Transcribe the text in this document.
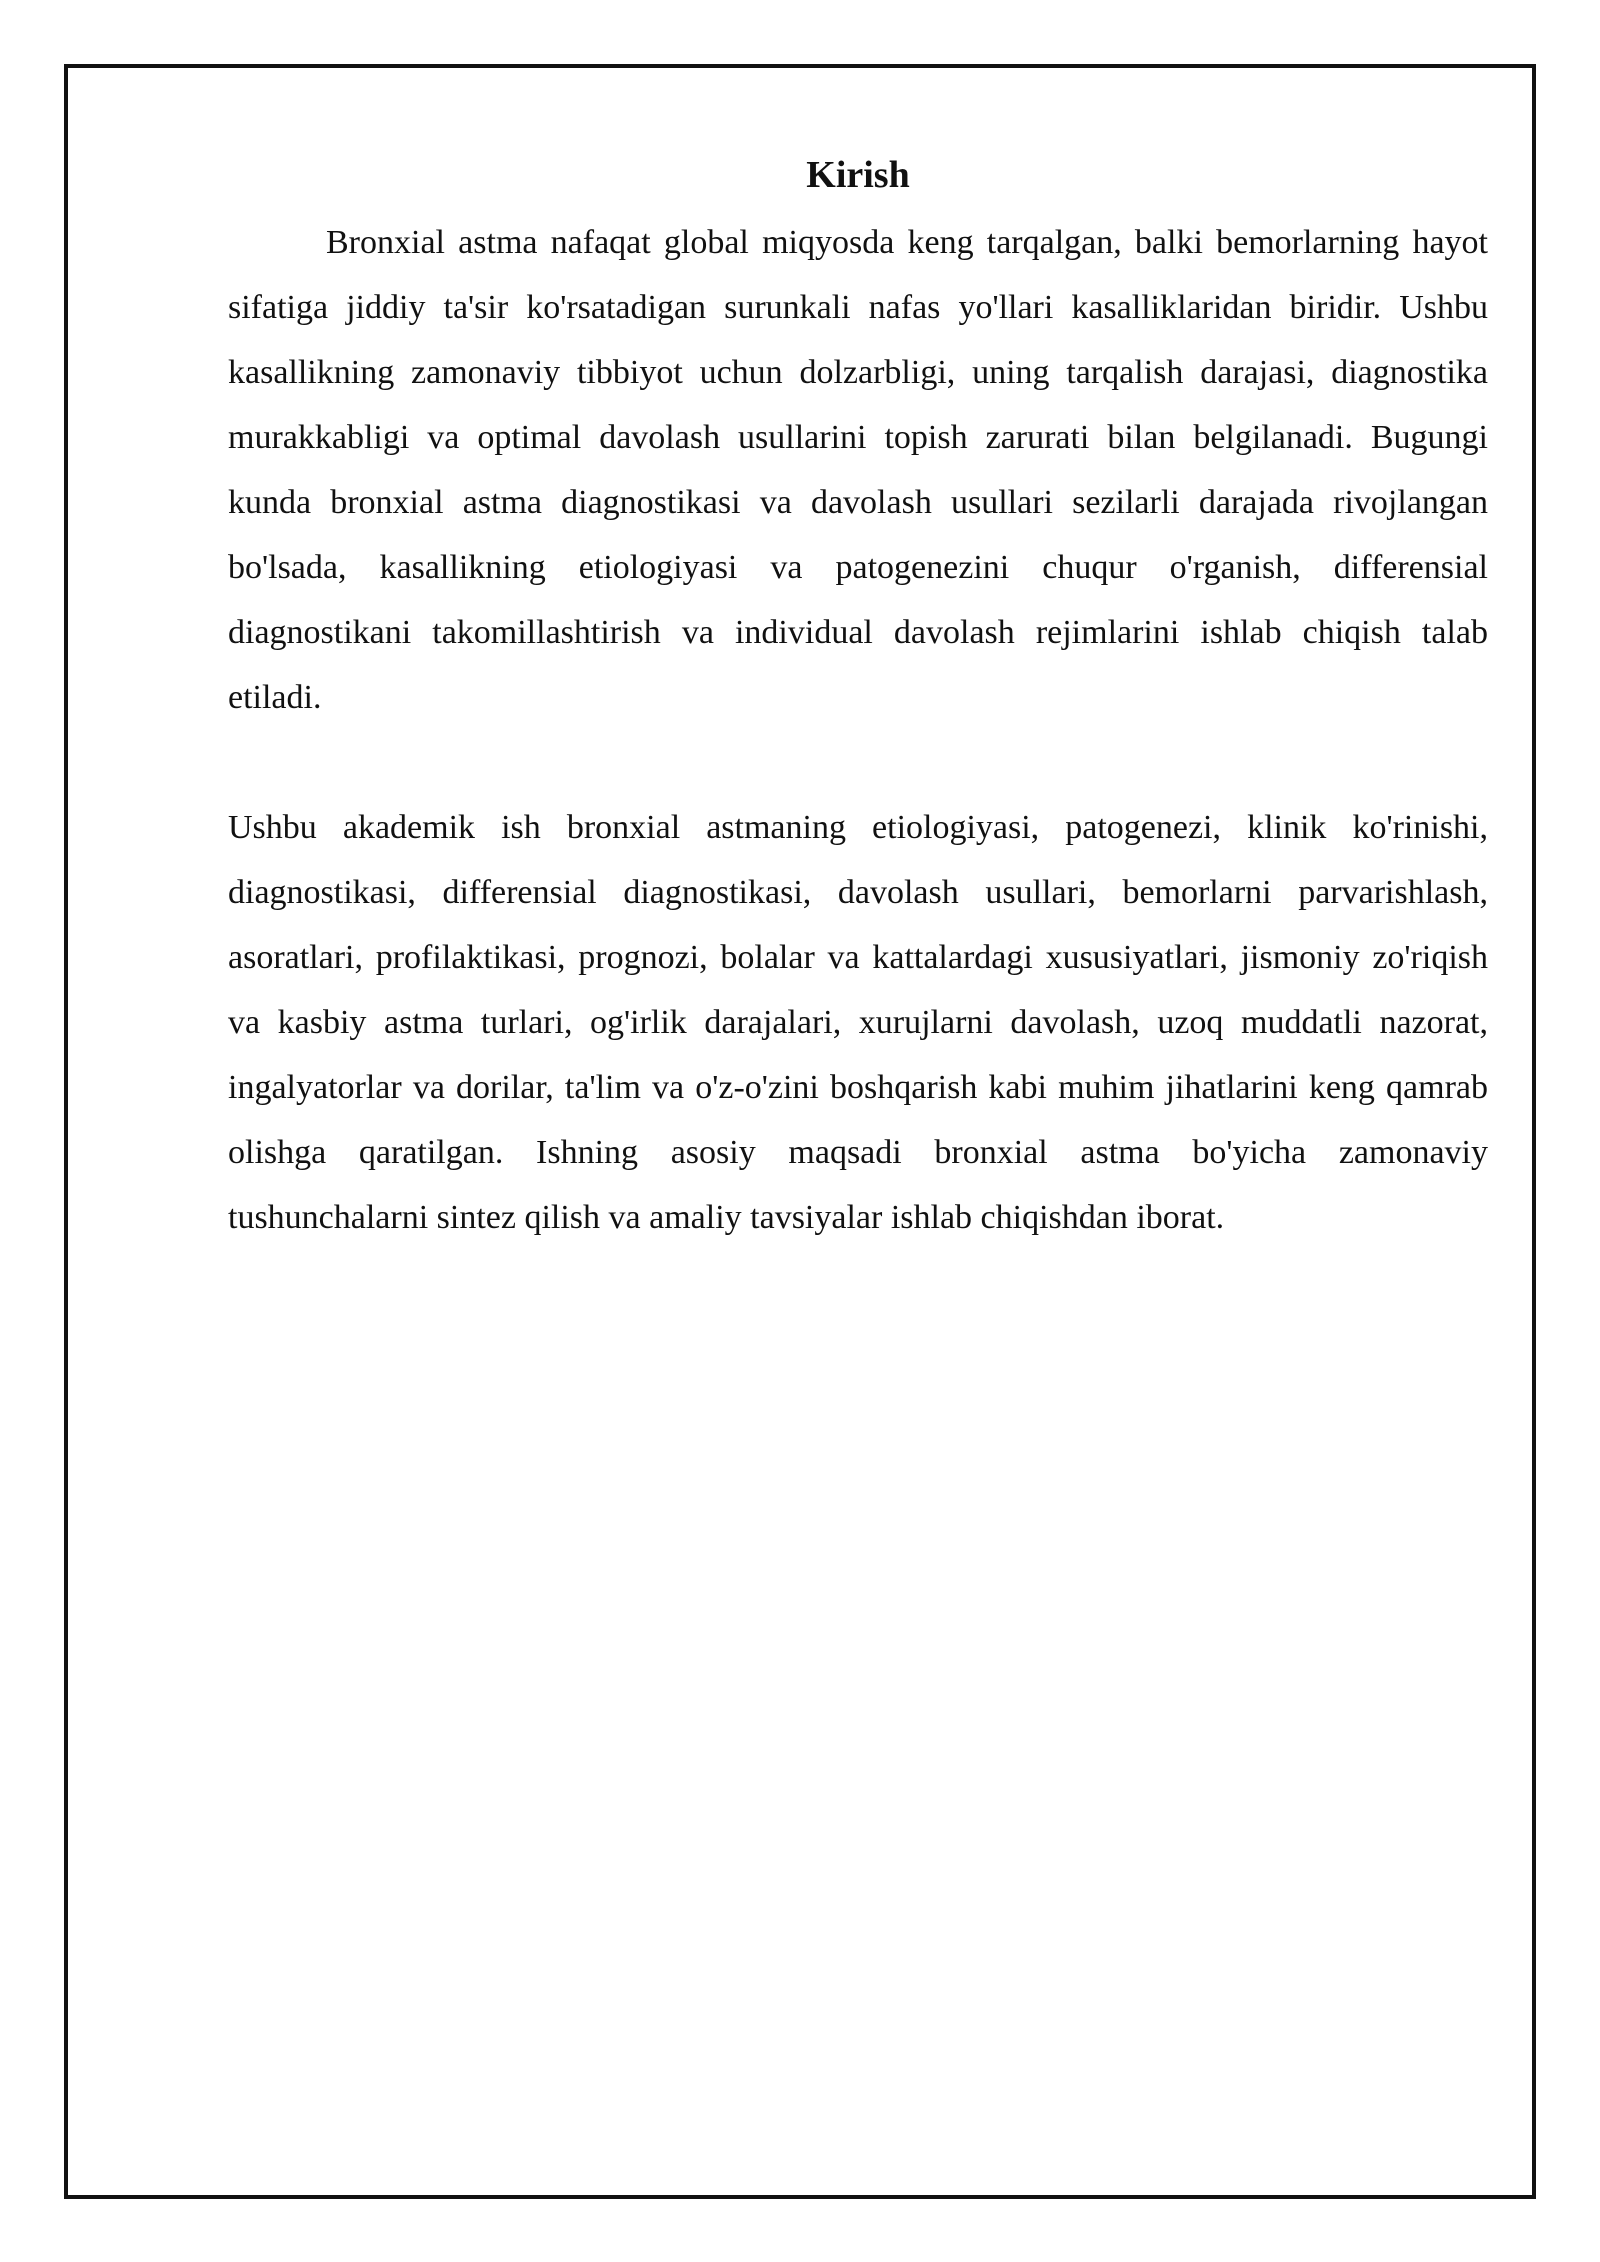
Kirish

Bronxial astma nafaqat global miqyosda keng tarqalgan, balki bemorlarning hayot sifatiga jiddiy ta'sir ko'rsatadigan surunkali nafas yo'llari kasalliklaridan biridir. Ushbu kasallikning zamonaviy tibbiyot uchun dolzarbligi, uning tarqalish darajasi, diagnostika murakkabligi va optimal davolash usullarini topish zarurati bilan belgilanadi. Bugungi kunda bronxial astma diagnostikasi va davolash usullari sezilarli darajada rivojlangan bo'lsada, kasallikning etiologiyasi va patogenezini chuqur o'rganish, differensial diagnostikani takomillashtirish va individual davolash rejimlarini ishlab chiqish talab etiladi.

Ushbu akademik ish bronxial astmaning etiologiyasi, patogenezi, klinik ko'rinishi, diagnostikasi, differensial diagnostikasi, davolash usullari, bemorlarni parvarishlash, asoratlari, profilaktikasi, prognozi, bolalar va kattalardagi xususiyatlari, jismoniy zo'riqish va kasbiy astma turlari, og'irlik darajalari, xurujlarni davolash, uzoq muddatli nazorat, ingalyatorlar va dorilar, ta'lim va o'z-o'zini boshqarish kabi muhim jihatlarini keng qamrab olishga qaratilgan. Ishning asosiy maqsadi bronxial astma bo'yicha zamonaviy tushunchalarni sintez qilish va amaliy tavsiyalar ishlab chiqishdan iborat.
